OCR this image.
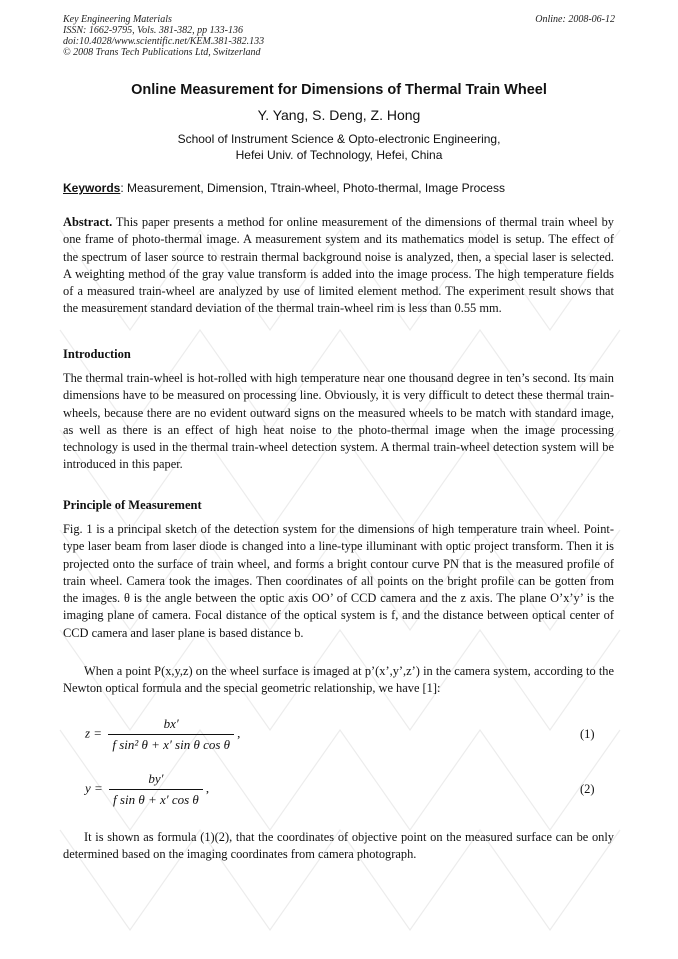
Key Engineering Materials
ISSN: 1662-9795, Vols. 381-382, pp 133-136
doi:10.4028/www.scientific.net/KEM.381-382.133
© 2008 Trans Tech Publications Ltd, Switzerland
Online: 2008-06-12
Online Measurement for Dimensions of Thermal Train Wheel
Y. Yang, S. Deng, Z. Hong
School of Instrument Science & Opto-electronic Engineering,
Hefei Univ. of Technology, Hefei, China
Keywords: Measurement, Dimension, Ttrain-wheel, Photo-thermal, Image Process

Abstract. This paper presents a method for online measurement of the dimensions of thermal train wheel by one frame of photo-thermal image. A measurement system and its mathematics model is setup. The effect of the spectrum of laser source to restrain thermal background noise is analyzed, then, a special laser is selected. A weighting method of the gray value transform is added into the image process. The high temperature fields of a measured train-wheel are analyzed by use of limited element method. The experiment result shows that the measurement standard deviation of the thermal train-wheel rim is less than 0.55 mm.

Introduction

The thermal train-wheel is hot-rolled with high temperature near one thousand degree in ten’s second. Its main dimensions have to be measured on processing line. Obviously, it is very difficult to detect these thermal train-wheels, because there are no evident outward signs on the measured wheels to be match with standard image, as well as there is an effect of high heat noise to the photo-thermal image when the image processing technology is used in the thermal train-wheel detection system. A thermal train-wheel detection system will be introduced in this paper.

Principle of Measurement

Fig. 1 is a principal sketch of the detection system for the dimensions of high temperature train wheel. Point-type laser beam from laser diode is changed into a line-type illuminant with optic project transform. Then it is projected onto the surface of train wheel, and forms a bright contour curve PN that is the measured profile of train wheel. Camera took the images. Then coordinates of all points on the bright profile can be gotten from the images. θ is the angle between the optic axis OO’ of CCD camera and the z axis. The plane O’x’y’ is the imaging plane of camera. Focal distance of the optical system is f, and the distance between optical center of CCD camera and laser plane is based distance b.

When a point P(x,y,z) on the wheel surface is imaged at p’(x’,y’,z’) in the camera system, according to the Newton optical formula and the special geometric relationship, we have [1]:

$z = \frac{bx'}{\text{f sin² θ + x′ sin θ cos θ}}$ ,	(1)
$y = \frac{by'}{\text{f sin θ + x′ cos θ}}$ ,	(2)

It is shown as formula (1)(2), that the coordinates of objective point on the measured surface can be only determined based on the imaging coordinates from camera photograph.
